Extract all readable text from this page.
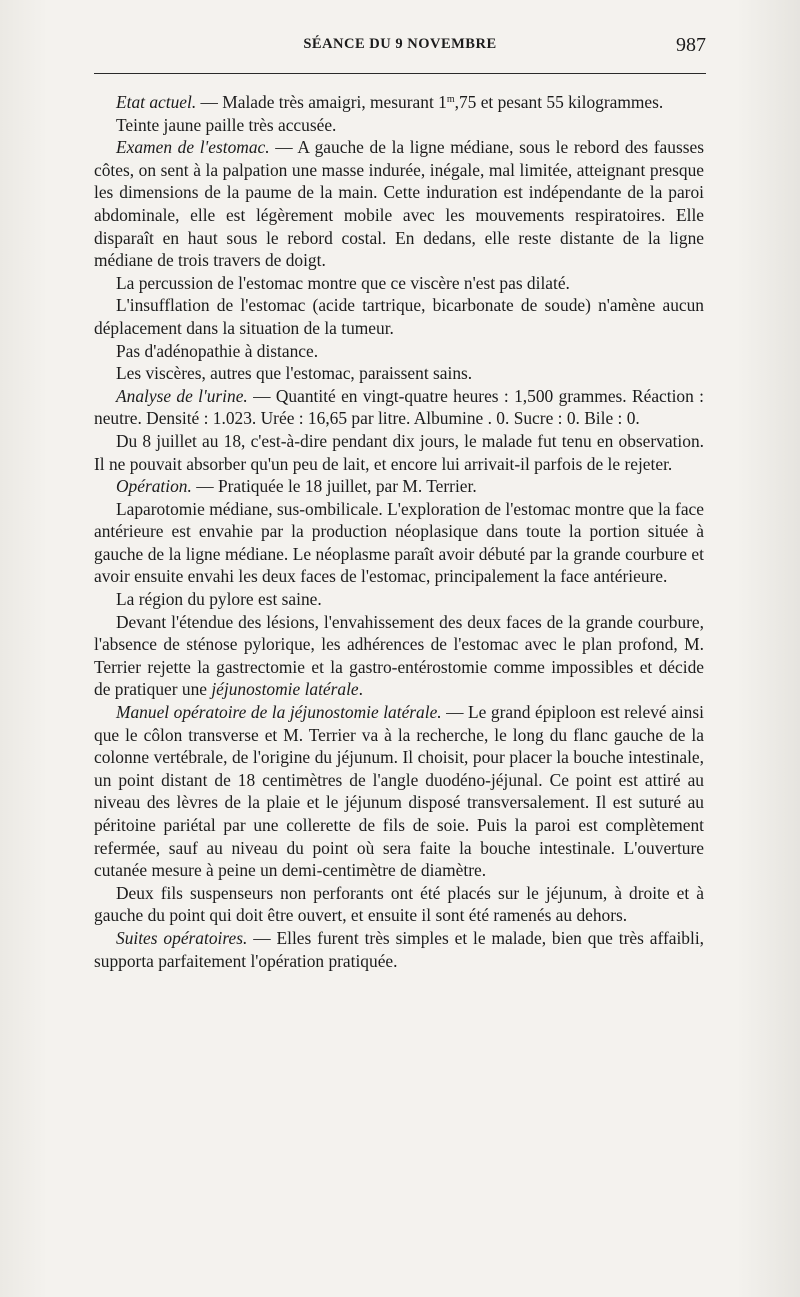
SÉANCE DU 9 NOVEMBRE	987

Etat actuel. — Malade très amaigri, mesurant 1$^m$,75 et pesant 55 kilogrammes.

Teinte jaune paille très accusée.

Examen de l'estomac. — A gauche de la ligne médiane, sous le rebord des fausses côtes, on sent à la palpation une masse indurée, inégale, mal limitée, atteignant presque les dimensions de la paume de la main. Cette induration est indépendante de la paroi abdominale, elle est légèrement mobile avec les mouvements respiratoires. Elle disparaît en haut sous le rebord costal. En dedans, elle reste distante de la ligne médiane de trois travers de doigt.

La percussion de l'estomac montre que ce viscère n'est pas dilaté.

L'insufflation de l'estomac (acide tartrique, bicarbonate de soude) n'amène aucun déplacement dans la situation de la tumeur.

Pas d'adénopathie à distance.

Les viscères, autres que l'estomac, paraissent sains.

Analyse de l'urine. — Quantité en vingt-quatre heures : 1,500 grammes. Réaction : neutre. Densité : 1.023. Urée : 16,65 par litre. Albumine . 0. Sucre : 0. Bile : 0.

Du 8 juillet au 18, c'est-à-dire pendant dix jours, le malade fut tenu en observation. Il ne pouvait absorber qu'un peu de lait, et encore lui arrivait-il parfois de le rejeter.

Opération. — Pratiquée le 18 juillet, par M. Terrier.

Laparotomie médiane, sus-ombilicale. L'exploration de l'estomac montre que la face antérieure est envahie par la production néoplasique dans toute la portion située à gauche de la ligne médiane. Le néoplasme paraît avoir débuté par la grande courbure et avoir ensuite envahi les deux faces de l'estomac, principalement la face antérieure.

La région du pylore est saine.

Devant l'étendue des lésions, l'envahissement des deux faces de la grande courbure, l'absence de sténose pylorique, les adhérences de l'estomac avec le plan profond, M. Terrier rejette la gastrectomie et la gastro-entérostomie comme impossibles et décide de pratiquer une jéjunostomie latérale.

Manuel opératoire de la jéjunostomie latérale. — Le grand épiploon est relevé ainsi que le côlon transverse et M. Terrier va à la recherche, le long du flanc gauche de la colonne vertébrale, de l'origine du jéjunum. Il choisit, pour placer la bouche intestinale, un point distant de 18 centimètres de l'angle duodéno-jéjunal. Ce point est attiré au niveau des lèvres de la plaie et le jéjunum disposé transversalement. Il est suturé au péritoine pariétal par une collerette de fils de soie. Puis la paroi est complètement refermée, sauf au niveau du point où sera faite la bouche intestinale. L'ouverture cutanée mesure à peine un demi-centimètre de diamètre.

Deux fils suspenseurs non perforants ont été placés sur le jéjunum, à droite et à gauche du point qui doit être ouvert, et ensuite il sont été ramenés au dehors.

Suites opératoires. — Elles furent très simples et le malade, bien que très affaibli, supporta parfaitement l'opération pratiquée.
